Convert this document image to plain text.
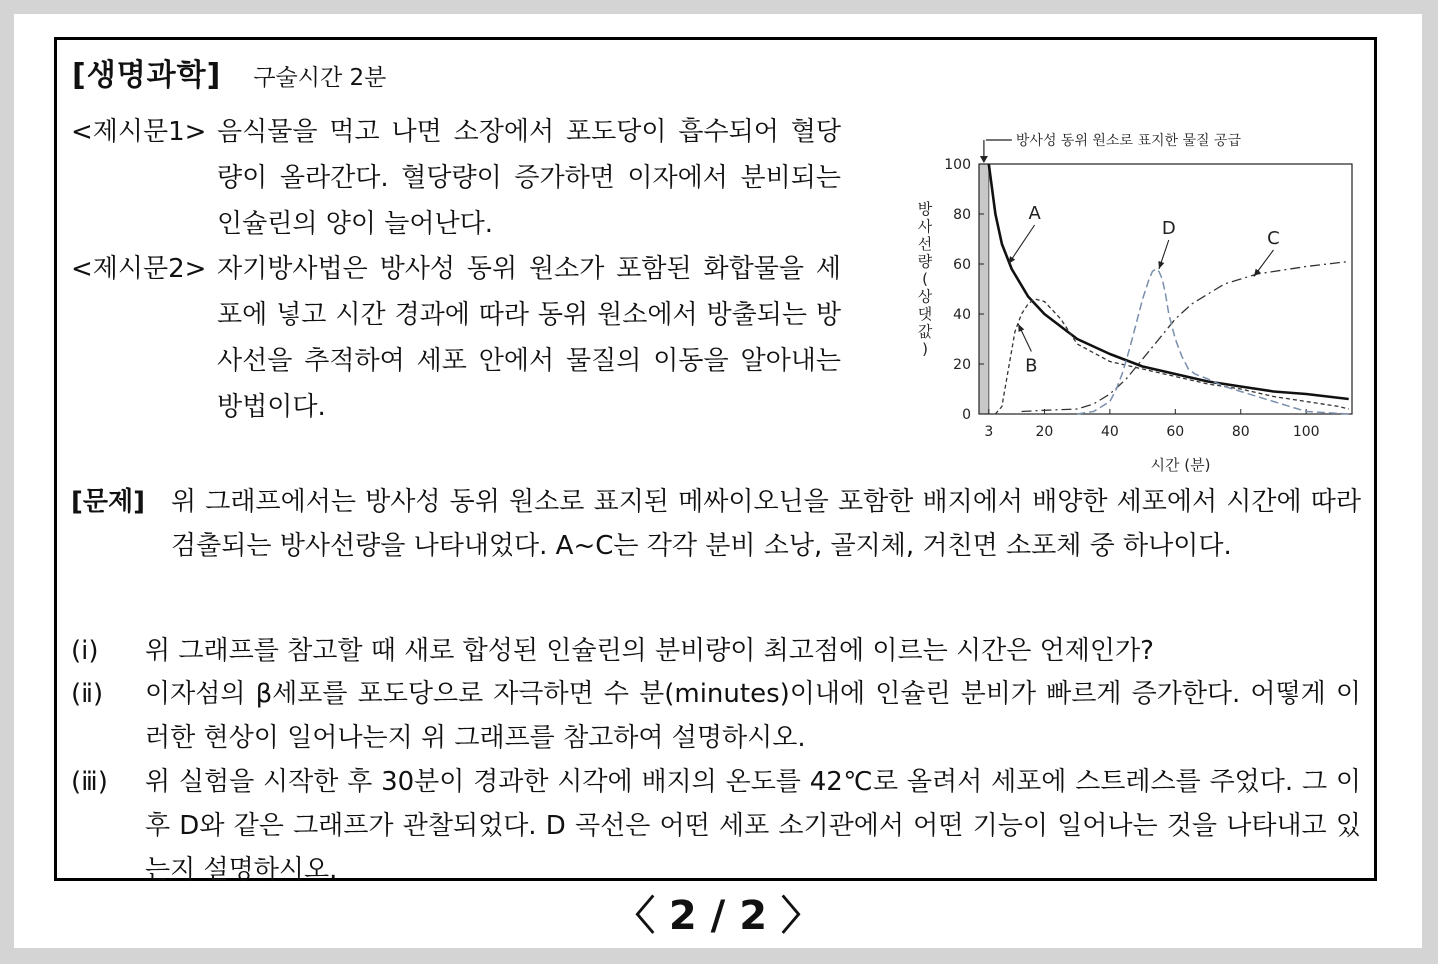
[생명과학] 구술시간 2분
<제시문1> 음식물을 먹고 나면 소장에서 포도당이 흡수되어 혈당량이 올라간다. 혈당량이 증가하면 이자에서 분비되는 인슐린의 양이 늘어난다.
<제시문2> 자기방사법은 방사성 동위 원소가 포함된 화합물을 세포에 넣고 시간 경과에 따라 동위 원소에서 방출되는 방사선을 추적하여 세포 안에서 물질의 이동을 알아내는 방법이다.	0
20
40
60
80
100
3	20	40	60	80	100
시간 (분)
방 사 선 량 ( 상 댓 값 )
방사성 동위 원소로 표지한 물질 공급
A
B
D	C
[문제]	위 그래프에서는 방사성 동위 원소로 표지된 메싸이오닌을 포함한 배지에서 배양한 세포에서 시간에 따라 검출되는 방사선량을 나타내었다. A~C는 각각 분비 소낭, 골지체, 거친면 소포체 중 하나이다.
(ⅰ)	위 그래프를 참고할 때 새로 합성된 인슐린의 분비량이 최고점에 이르는 시간은 언제인가?
(ⅱ)	이자섬의 β세포를 포도당으로 자극하면 수 분(minutes)이내에 인슐린 분비가 빠르게 증가한다. 어떻게 이러한 현상이 일어나는지 위 그래프를 참고하여 설명하시오.
(ⅲ)	위 실험을 시작한 후 30분이 경과한 시각에 배지의 온도를 42℃로 올려서 세포에 스트레스를 주었다. 그 이후 D와 같은 그래프가 관찰되었다. D 곡선은 어떤 세포 소기관에서 어떤 기능이 일어나는 것을 나타내고 있는지 설명하시오.
〈 2 / 2 〉
